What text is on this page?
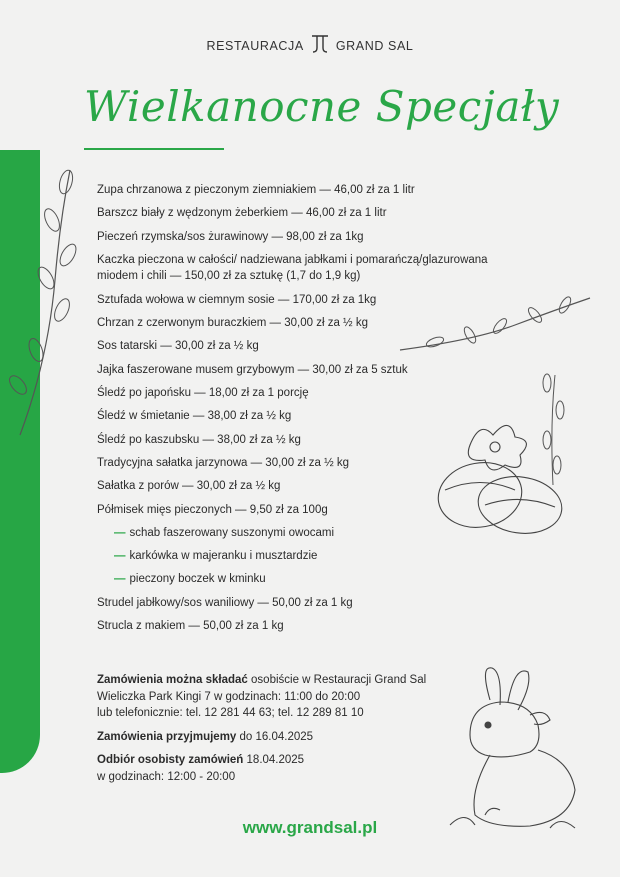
RESTAURACJA	GRAND SAL
Wielkanocne Specjały
Zupa chrzanowa z pieczonym ziemniakiem — 46,00 zł za 1 litr
Barszcz biały z wędzonym żeberkiem — 46,00 zł za 1 litr
Pieczeń rzymska/sos żurawinowy — 98,00 zł za 1kg
Kaczka pieczona w całości/ nadziewana jabłkami i pomarańczą/glazurowana miodem i chili — 150,00 zł za sztukę (1,7 do 1,9 kg)
Sztufada wołowa w ciemnym sosie — 170,00 zł za 1kg
Chrzan z czerwonym buraczkiem — 30,00 zł za ½ kg
Sos tatarski — 30,00 zł za ½ kg
Jajka faszerowane musem grzybowym — 30,00 zł za 5 sztuk
Śledź po japońsku — 18,00 zł za 1 porcję
Śledź w śmietanie — 38,00 zł za ½ kg
Śledź po kaszubsku — 38,00 zł za ½ kg
Tradycyjna sałatka jarzynowa — 30,00 zł za ½ kg
Sałatka z porów — 30,00 zł za ½ kg
Półmisek mięs pieczonych — 9,50 zł za 100g
— schab faszerowany suszonymi owocami
— karkówka w majeranku i musztardzie
— pieczony boczek w kminku
Strudel jabłkowy/sos waniliowy — 50,00 zł za 1 kg
Strucla z makiem — 50,00 zł za 1 kg

Zamówienia można składać osobiście w Restauracji Grand Sal
Wieliczka Park Kingi 7 w godzinach: 11:00 do 20:00
lub telefonicznie: tel. 12 281 44 63; tel. 12 289 81 10

Zamówienia przyjmujemy do 16.04.2025

Odbiór osobisty zamówień 18.04.2025
w godzinach: 12:00 - 20:00

www.grandsal.pl
